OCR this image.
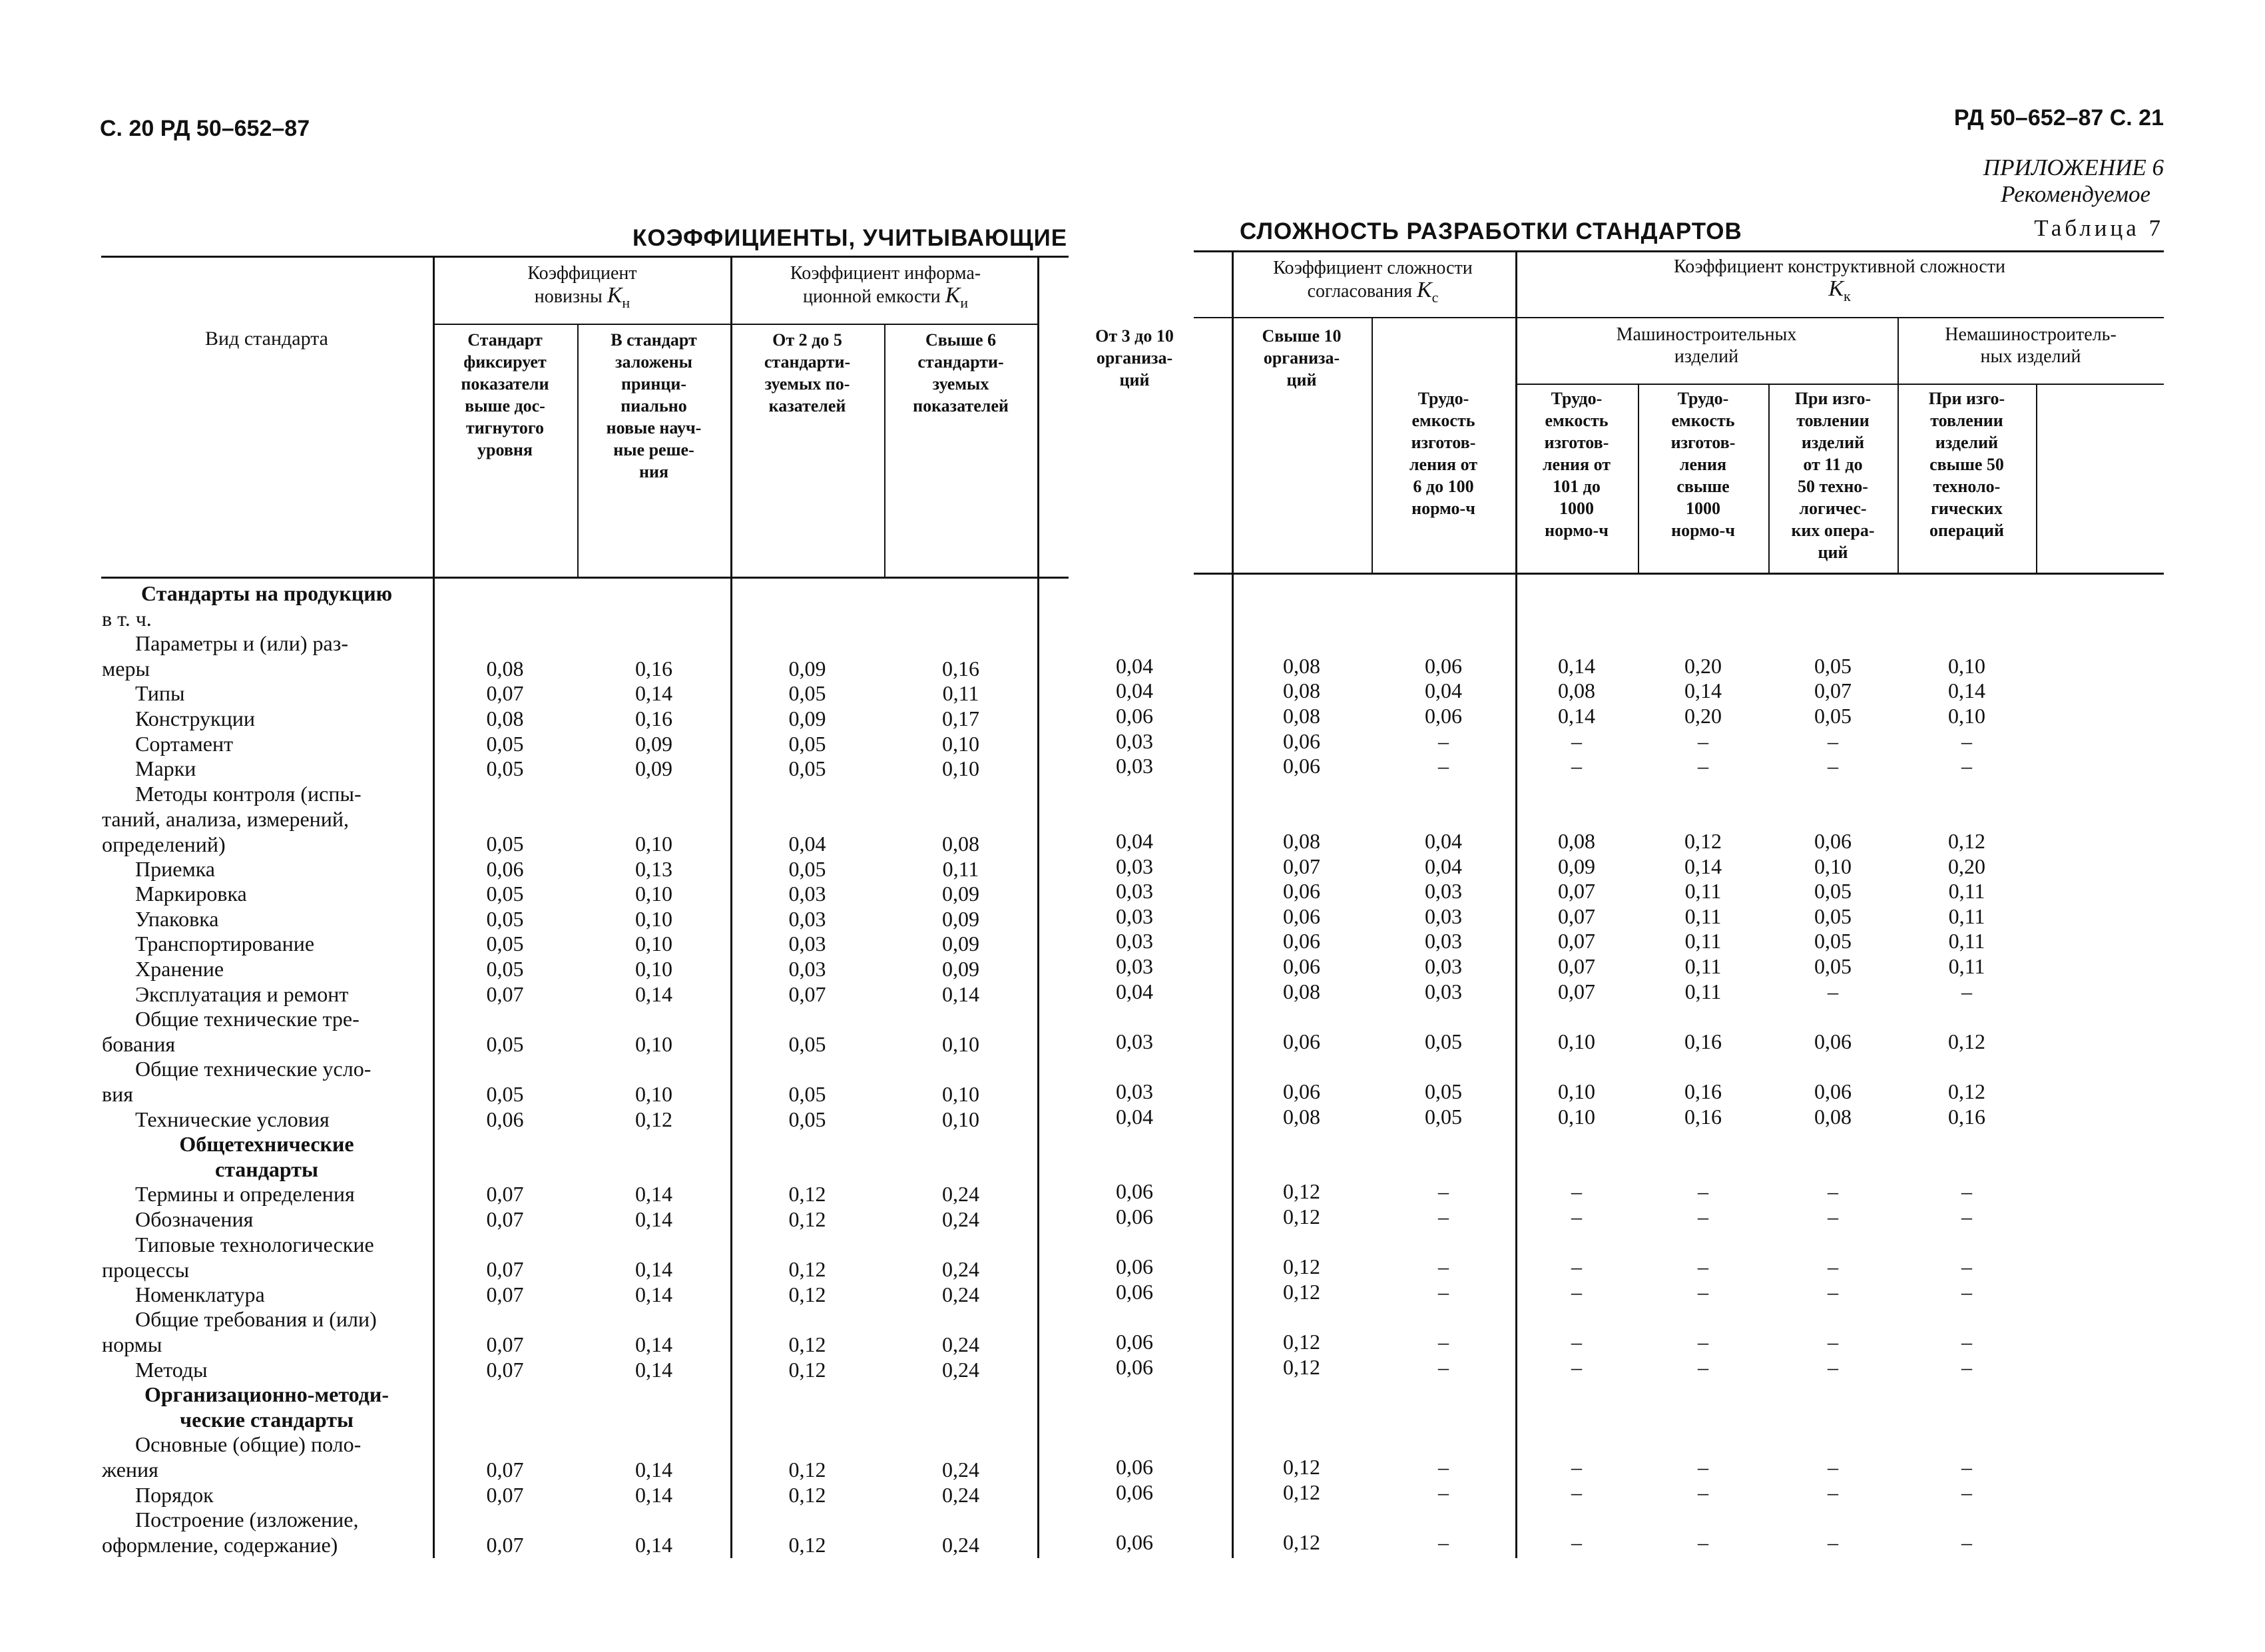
С. 20 РД 50–652–87	РД 50–652–87 С. 21
ПРИЛОЖЕНИЕ 6
Рекомендуемое
КОЭФФИЦИЕНТЫ, УЧИТЫВАЮЩИЕ	СЛОЖНОСТЬ РАЗРАБОТКИ СТАНДАРТОВ	Таблица 7
Вид стандарта
Коэффициент
новизны $К_н$
Коэффициент информа-
ционной емкости $К_и$
Коэффициент сложности
согласования $К_с$
Коэффициент конструктивной сложности
$К_к$
Машиностроительных
изделий
Немашиностроитель-
ных изделий
Стандарт
фиксирует
показатели
выше дос-
тигнутого
уровня
В стандарт
заложены
принци-
пиально
новые науч-
ные реше-
ния
От 2 до 5
стандарти-
зуемых по-
казателей
Свыше 6
стандарти-
зуемых
показателей
От 3 до 10
организа-
ций
Свыше 10
организа-
ций
Трудо-
емкость
изготов-
ления от
6 до 100
нормо-ч
Трудо-
емкость
изготов-
ления от
101 до
1000
нормо-ч
Трудо-
емкость
изготов-
ления
свыше
1000
нормо-ч
При изго-
товлении
изделий
от 11 до
50 техно-
логичес-
ких опера-
ций
При изго-
товлении
изделий
свыше 50
техноло-
гических
операций
Стандарты на продукцию
в т. ч.
Параметры и (или) раз-
меры	0,08	0,16	0,09	0,16	0,04	0,08	0,06	0,14	0,20	0,05	0,10
Типы	0,07	0,14	0,05	0,11	0,04	0,08	0,04	0,08	0,14	0,07	0,14
Конструкции	0,08	0,16	0,09	0,17	0,06	0,08	0,06	0,14	0,20	0,05	0,10
Сортамент	0,05	0,09	0,05	0,10	0,03	0,06	–	–	–	–	–
Марки	0,05	0,09	0,05	0,10	0,03	0,06	–	–	–	–	–
Методы контроля (испы-
таний, анализа, измерений,
определений)	0,05	0,10	0,04	0,08	0,04	0,08	0,04	0,08	0,12	0,06	0,12
Приемка	0,06	0,13	0,05	0,11	0,03	0,07	0,04	0,09	0,14	0,10	0,20
Маркировка	0,05	0,10	0,03	0,09	0,03	0,06	0,03	0,07	0,11	0,05	0,11
Упаковка	0,05	0,10	0,03	0,09	0,03	0,06	0,03	0,07	0,11	0,05	0,11
Транспортирование	0,05	0,10	0,03	0,09	0,03	0,06	0,03	0,07	0,11	0,05	0,11
Хранение	0,05	0,10	0,03	0,09	0,03	0,06	0,03	0,07	0,11	0,05	0,11
Эксплуатация и ремонт	0,07	0,14	0,07	0,14	0,04	0,08	0,03	0,07	0,11	–	–
Общие технические тре-
бования	0,05	0,10	0,05	0,10	0,03	0,06	0,05	0,10	0,16	0,06	0,12
Общие технические усло-
вия	0,05	0,10	0,05	0,10	0,03	0,06	0,05	0,10	0,16	0,06	0,12
Технические условия	0,06	0,12	0,05	0,10	0,04	0,08	0,05	0,10	0,16	0,08	0,16
Общетехнические
стандарты
Термины и определения	0,07	0,14	0,12	0,24	0,06	0,12	–	–	–	–	–
Обозначения	0,07	0,14	0,12	0,24	0,06	0,12	–	–	–	–	–
Типовые технологические
процессы	0,07	0,14	0,12	0,24	0,06	0,12	–	–	–	–	–
Номенклатура	0,07	0,14	0,12	0,24	0,06	0,12	–	–	–	–	–
Общие требования и (или)
нормы	0,07	0,14	0,12	0,24	0,06	0,12	–	–	–	–	–
Методы	0,07	0,14	0,12	0,24	0,06	0,12	–	–	–	–	–
Организационно-методи-
ческие стандарты
Основные (общие) поло-
жения	0,07	0,14	0,12	0,24	0,06	0,12	–	–	–	–	–
Порядок	0,07	0,14	0,12	0,24	0,06	0,12	–	–	–	–	–
Построение (изложение,
оформление, содержание)	0,07	0,14	0,12	0,24	0,06	0,12	–	–	–	–	–
